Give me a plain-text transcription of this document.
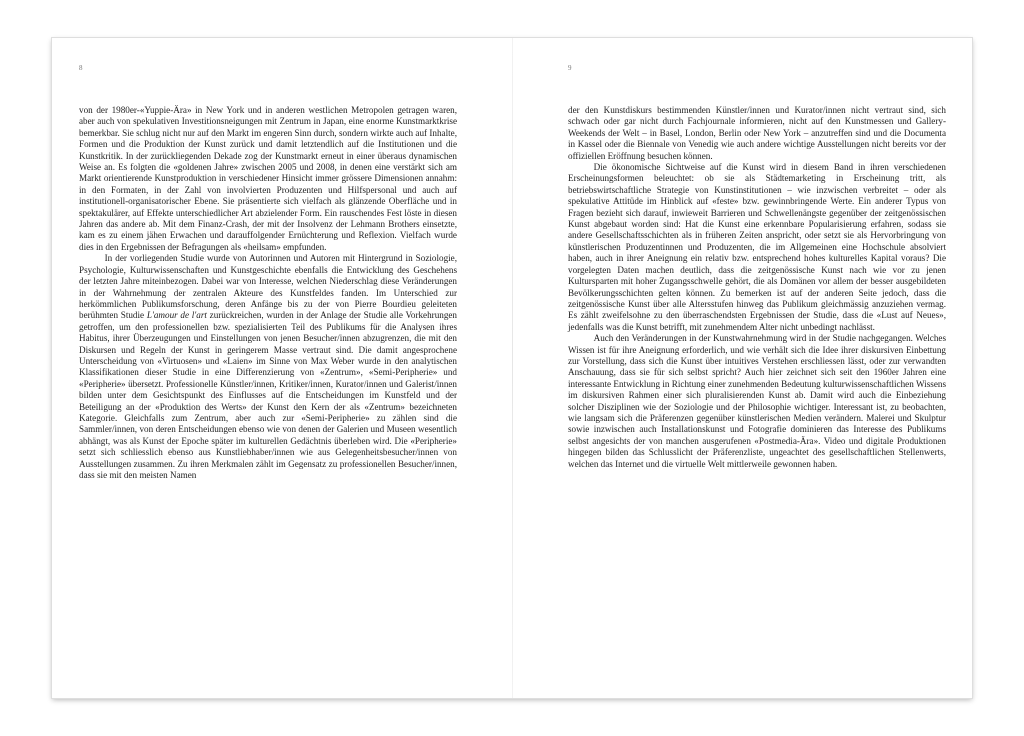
8	9

von der 1980er-«Yuppie-Ära» in New York und in anderen westlichen Metropolen getragen waren, aber auch von spekulativen Investitionsneigungen mit Zentrum in Japan, eine enorme Kunstmarktkrise bemerkbar. Sie schlug nicht nur auf den Markt im engeren Sinn durch, sondern wirkte auch auf Inhalte, Formen und die Produktion der Kunst zurück und damit letztendlich auf die Institutionen und die Kunstkritik. In der zurückliegenden Dekade zog der Kunstmarkt erneut in einer überaus dynamischen Weise an. Es folgten die «goldenen Jahre» zwischen 2005 und 2008, in denen eine verstärkt sich am Markt orientierende Kunstproduktion in verschiedener Hinsicht immer grössere Dimensionen annahm: in den Formaten, in der Zahl von involvierten Produzenten und Hilfspersonal und auch auf institutionell-organisatorischer Ebene. Sie präsentierte sich vielfach als glänzende Oberfläche und in spektakulärer, auf Effekte unterschiedlicher Art abzielender Form. Ein rauschendes Fest löste in diesen Jahren das andere ab. Mit dem Finanz-Crash, der mit der Insolvenz der Lehmann Brothers einsetzte, kam es zu einem jähen Erwachen und darauffolgender Ernüchterung und Reflexion. Vielfach wurde dies in den Ergebnissen der Befragungen als «heilsam» empfunden.

In der vorliegenden Studie wurde von Autorinnen und Autoren mit Hintergrund in Soziologie, Psychologie, Kulturwissenschaften und Kunstgeschichte ebenfalls die Entwicklung des Geschehens der letzten Jahre miteinbezogen. Dabei war von Interesse, welchen Niederschlag diese Veränderungen in der Wahrnehmung der zentralen Akteure des Kunstfeldes fanden. Im Unterschied zur herkömmlichen Publikumsforschung, deren Anfänge bis zu der von Pierre Bourdieu geleiteten berühmten Studie L'amour de l'art zurückreichen, wurden in der Anlage der Studie alle Vorkehrungen getroffen, um den professionellen bzw. spezialisierten Teil des Publikums für die Analysen ihres Habitus, ihrer Überzeugungen und Einstellungen von jenen Besucher/innen abzugrenzen, die mit den Diskursen und Regeln der Kunst in geringerem Masse vertraut sind. Die damit angesprochene Unterscheidung von «Virtuosen» und «Laien» im Sinne von Max Weber wurde in den analytischen Klassifikationen dieser Studie in eine Differenzierung von «Zentrum», «Semi-Peripherie» und «Peripherie» übersetzt. Professionelle Künstler/innen, Kritiker/innen, Kurator/innen und Galerist/innen bilden unter dem Gesichtspunkt des Einflusses auf die Entscheidungen im Kunstfeld und der Beteiligung an der «Produktion des Werts» der Kunst den Kern der als «Zentrum» bezeichneten Kategorie. Gleichfalls zum Zentrum, aber auch zur «Semi-Peripherie» zu zählen sind die Sammler/innen, von deren Entscheidungen ebenso wie von denen der Galerien und Museen wesentlich abhängt, was als Kunst der Epoche später im kulturellen Gedächtnis überleben wird. Die «Peripherie» setzt sich schliesslich ebenso aus Kunstliebhaber/innen wie aus Gelegenheitsbesucher/innen von Ausstellungen zusammen. Zu ihren Merkmalen zählt im Gegensatz zu professionellen Besucher/innen, dass sie mit den meisten Namen

der den Kunstdiskurs bestimmenden Künstler/innen und Kurator/innen nicht vertraut sind, sich schwach oder gar nicht durch Fachjournale informieren, nicht auf den Kunstmessen und Gallery-Weekends der Welt – in Basel, London, Berlin oder New York – anzutreffen sind und die Documenta in Kassel oder die Biennale von Venedig wie auch andere wichtige Ausstellungen nicht bereits vor der offiziellen Eröffnung besuchen können.

Die ökonomische Sichtweise auf die Kunst wird in diesem Band in ihren verschiedenen Erscheinungsformen beleuchtet: ob sie als Städtemarketing in Erscheinung tritt, als betriebswirtschaftliche Strategie von Kunstinstitutionen – wie inzwischen verbreitet – oder als spekulative Attitüde im Hinblick auf «feste» bzw. gewinnbringende Werte. Ein anderer Typus von Fragen bezieht sich darauf, inwieweit Barrieren und Schwellenängste gegenüber der zeitgenössischen Kunst abgebaut worden sind: Hat die Kunst eine erkennbare Popularisierung erfahren, sodass sie andere Gesellschaftsschichten als in früheren Zeiten anspricht, oder setzt sie als Hervorbringung von künstlerischen Produzentinnen und Produzenten, die im Allgemeinen eine Hochschule absolviert haben, auch in ihrer Aneignung ein relativ bzw. entsprechend hohes kulturelles Kapital voraus? Die vorgelegten Daten machen deutlich, dass die zeitgenössische Kunst nach wie vor zu jenen Kultursparten mit hoher Zugangsschwelle gehört, die als Domänen vor allem der besser ausgebildeten Bevölkerungsschichten gelten können. Zu bemerken ist auf der anderen Seite jedoch, dass die zeitgenössische Kunst über alle Altersstufen hinweg das Publikum gleichmässig anzuziehen vermag. Es zählt zweifelsohne zu den überraschendsten Ergebnissen der Studie, dass die «Lust auf Neues», jedenfalls was die Kunst betrifft, mit zunehmendem Alter nicht unbedingt nachlässt.

Auch den Veränderungen in der Kunstwahrnehmung wird in der Studie nachgegangen. Welches Wissen ist für ihre Aneignung erforderlich, und wie verhält sich die Idee ihrer diskursiven Einbettung zur Vorstellung, dass sich die Kunst über intuitives Verstehen erschliessen lässt, oder zur verwandten Anschauung, dass sie für sich selbst spricht? Auch hier zeichnet sich seit den 1960er Jahren eine interessante Entwicklung in Richtung einer zunehmenden Bedeutung kulturwissenschaftlichen Wissens im diskursiven Rahmen einer sich pluralisierenden Kunst ab. Damit wird auch die Einbeziehung solcher Disziplinen wie der Soziologie und der Philosophie wichtiger. Interessant ist, zu beobachten, wie langsam sich die Präferenzen gegenüber künstlerischen Medien verändern. Malerei und Skulptur sowie inzwischen auch Installationskunst und Fotografie dominieren das Interesse des Publikums selbst angesichts der von manchen ausgerufenen «Postmedia-Ära». Video und digitale Produktionen hingegen bilden das Schlusslicht der Präferenzliste, ungeachtet des gesellschaftlichen Stellenwerts, welchen das Internet und die virtuelle Welt mittlerweile gewonnen haben.
